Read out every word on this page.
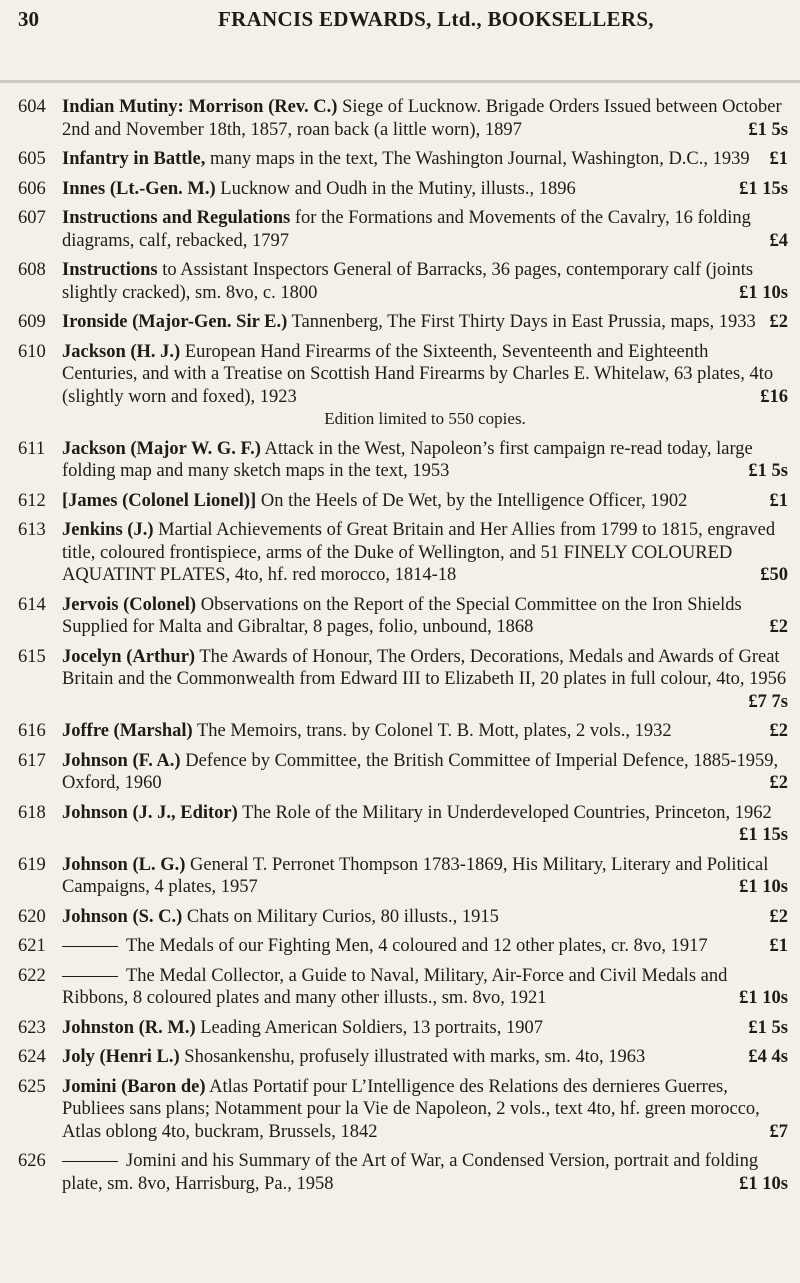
30	FRANCIS EDWARDS, Ltd., BOOKSELLERS,
604 Indian Mutiny: Morrison (Rev. C.) Siege of Lucknow. Brigade Orders Issued between October 2nd and November 18th, 1857, roan back (a little worn), 1897	£1 5s
605 Infantry in Battle, many maps in the text, The Washington Journal, Washington, D.C., 1939 £1
606 Innes (Lt.-Gen. M.) Lucknow and Oudh in the Mutiny, illusts., 1896	£1 15s
607 Instructions and Regulations for the Formations and Movements of the Cavalry, 16 folding diagrams, calf, rebacked, 1797	£4
608 Instructions to Assistant Inspectors General of Barracks, 36 pages, contemporary calf (joints slightly cracked), sm. 8vo, c. 1800	£1 10s
609 Ironside (Major-Gen. Sir E.) Tannenberg, The First Thirty Days in East Prussia, maps, 1933 £2
610 Jackson (H. J.) European Hand Firearms of the Sixteenth, Seventeenth and Eighteenth Centuries, and with a Treatise on Scottish Hand Firearms by Charles E. Whitelaw, 63 plates, 4to (slightly worn and foxed), 1923	£16
Edition limited to 550 copies.
611 Jackson (Major W. G. F.) Attack in the West, Napoleon’s first campaign re-read today, large folding map and many sketch maps in the text, 1953	£1 5s
612 [James (Colonel Lionel)] On the Heels of De Wet, by the Intelligence Officer, 1902	£1
613 Jenkins (J.) Martial Achievements of Great Britain and Her Allies from 1799 to 1815, engraved title, coloured frontispiece, arms of the Duke of Wellington, and 51 FINELY COLOURED AQUATINT PLATES, 4to, hf. red morocco, 1814-18	£50
614 Jervois (Colonel) Observations on the Report of the Special Committee on the Iron Shields Supplied for Malta and Gibraltar, 8 pages, folio, unbound, 1868	£2
615 Jocelyn (Arthur) The Awards of Honour, The Orders, Decorations, Medals and Awards of Great Britain and the Commonwealth from Edward III to Elizabeth II, 20 plates in full colour, 4to, 1956
£7 7s
616 Joffre (Marshal) The Memoirs, trans. by Colonel T. B. Mott, plates, 2 vols., 1932	£2
617 Johnson (F. A.) Defence by Committee, the British Committee of Imperial Defence, 1885-1959, Oxford, 1960	£2
618 Johnson (J. J., Editor) The Role of the Military in Underdeveloped Countries, Princeton, 1962
£1 15s
619 Johnson (L. G.) General T. Perronet Thompson 1783-1869, His Military, Literary and Political Campaigns, 4 plates, 1957	£1 10s
620 Johnson (S. C.) Chats on Military Curios, 80 illusts., 1915	£2
621	The Medals of our Fighting Men, 4 coloured and 12 other plates, cr. 8vo, 1917	£1
622	The Medal Collector, a Guide to Naval, Military, Air-Force and Civil Medals and Ribbons, 8 coloured plates and many other illusts., sm. 8vo, 1921	£1 10s
623 Johnston (R. M.) Leading American Soldiers, 13 portraits, 1907	£1 5s
624 Joly (Henri L.) Shosankenshu, profusely illustrated with marks, sm. 4to, 1963	£4 4s
625 Jomini (Baron de) Atlas Portatif pour L’Intelligence des Relations des dernieres Guerres, Publiees sans plans; Notamment pour la Vie de Napoleon, 2 vols., text 4to, hf. green morocco, Atlas oblong 4to, buckram, Brussels, 1842	£7
626	Jomini and his Summary of the Art of War, a Condensed Version, portrait and folding plate, sm. 8vo, Harrisburg, Pa., 1958	£1 10s
